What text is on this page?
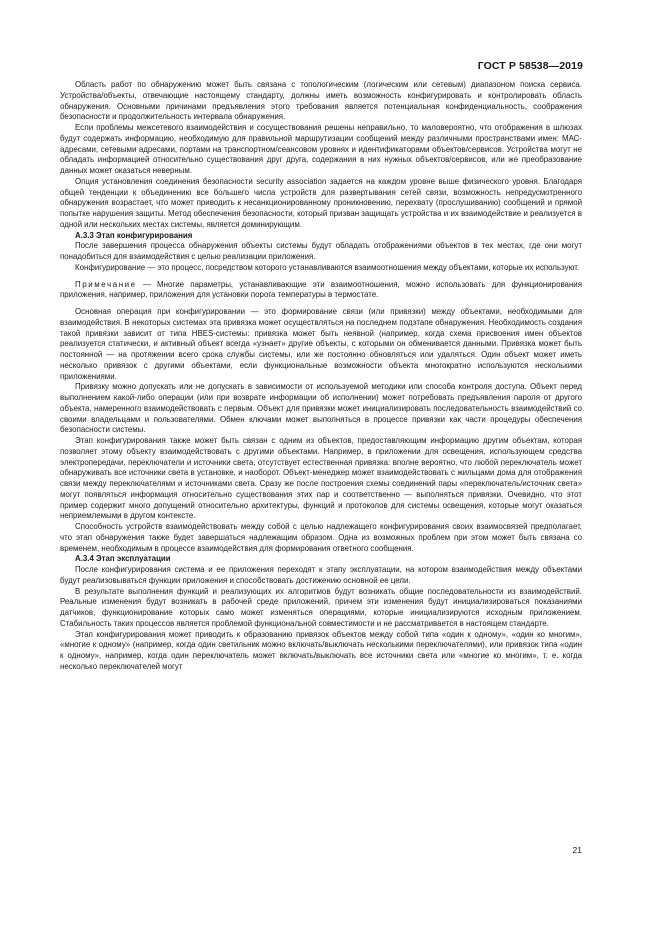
ГОСТ Р 58538—2019

Область работ по обнаружению может быть связана с топологическим (логическим или сетевым) диапазоном поиска сервиса. Устройства/объекты, отвечающие настоящему стандарту, должны иметь возможность конфигурировать и контролировать область обнаружения. Основными причинами предъявления этого требования является потенциальная конфиденциальность, соображения безопасности и продолжительность интервала обнаружения.

Если проблемы межсетевого взаимодействия и сосуществования решены неправильно, то маловероятно, что отображения в шлюзах будут содержать информацию, необходимую для правильной маршрутизации сообщений между различными пространствами имен: МАС-адресами, сетевыми адресами, портами на транспортном/сеансовом уровнях и идентификаторами объектов/сервисов. Устройства могут не обладать информацией относительно существования друг друга, содержания в них нужных объектов/сервисов, или же преобразование данных может оказаться неверным.

Опция установления соединения безопасности security association задается на каждом уровне выше физического уровня. Благодаря общей тенденции к объединению все большего числа устройств для развертывания сетей связи, возможность непредусмотренного обнаружения возрастает, что может приводить к несанкционированному проникновению, перехвату (прослушиванию) сообщений и прямой попытке нарушения защиты. Метод обеспечения безопасности, который призван защищать устройства и их взаимодействие и реализуется в одной или нескольких местах системы, является доминирующим.

А.3.3 Этап конфигурирования

После завершения процесса обнаружения объекты системы будут обладать отображениями объектов в тех местах, где они могут понадобиться для взаимодействия с целью реализации приложения.

Конфигурирование — это процесс, посредством которого устанавливаются взаимоотношения между объектами, которые их используют.

Примечание — Многие параметры, устанавливающие эти взаимоотношения, можно использовать для функционирования приложения, например, приложения для установки порога температуры в термостате.

Основная операция при конфигурировании — это формирование связи (или привязки) между объектами, необходимыми для взаимодействия. В некоторых системах эта привязка может осуществляться на последнем подэтапе обнаружения. Необходимость создания такой привязки зависит от типа HBES-системы: привязка может быть неявной (например, когда схема присвоения имен объектов реализуется статически, и активный объект всегда «узнает» другие объекты, с которыми он обменивается данными. Привязка может быть постоянной — на протяжении всего срока службы системы, или же постоянно обновляться или удаляться. Один объект может иметь несколько привязок с другими объектами, если функциональные возможности объекта многократно используются несколькими приложениями.

Привязку можно допускать или не допускать в зависимости от используемой методики или способа контроля доступа. Объект перед выполнением какой-либо операции (или при возврате информации об исполнении) может потребовать предъявления пароля от другого объекта, намеренного взаимодействовать с первым. Объект для привязки может инициализировать последовательность взаимодействий со своими владельцами и пользователями. Обмен ключами может выполняться в процессе привязки как части процедуры обеспечения безопасности системы.

Этап конфигурирования также может быть связан с одним из объектов, предоставляющим информацию другим объектам, которая позволяет этому объекту взаимодействовать с другими объектами. Например, в приложении для освещения, использующем средства электропередачи, переключатели и источники света, отсутствует естественная привязка: вполне вероятно, что любой переключатель может обнаруживать все источники света в установке, и наоборот. Объект-менеджер может взаимодействовать с жильцами дома для отображения связи между переключателями и источниками света. Сразу же после построения схемы соединений пары «переключатель/источник света» могут появляться информация относительно существования этих пар и соответственно — выполняться привязки. Очевидно, что этот пример содержит много допущений относительно архитектуры, функций и протоколов для системы освещения, которые могут оказаться неприемлемыми в другом контексте.

Способность устройств взаимодействовать между собой с целью надлежащего конфигурирования своих взаимосвязей предполагает, что этап обнаружения также будет завершаться надлежащим образом. Одна из возможных проблем при этом может быть связана со временем, необходимым в процессе взаимодействия для формирования ответного сообщения.

А.3.4 Этап эксплуатации

После конфигурирования система и ее приложения переходят к этапу эксплуатации, на котором взаимодействия между объектами будут реализовываться функции приложения и способствовать достижению основной ее цели.

В результате выполнения функций и реализующих их алгоритмов будут возникать общие последовательности из взаимодействий. Реальные изменения будут возникать в рабочей среде приложений, причем эти изменения будут инициализироваться показаниями датчиков, функционирование которых само может изменяться операциями, которые инициализируются исходным приложением. Стабильность таких процессов является проблемой функциональной совместимости и не рассматривается в настоящем стандарте.

Этап конфигурирования может приводить к образованию привязок объектов между собой типа «один к одному», «один ко многим», «многие к одному» (например, когда один светильник можно включать/выключать несколькими переключателями), или привязок типа «один к одному», например, когда один переключатель может включать/выключать все источники света или «многие ко многим», т. е. когда несколько переключателей могут

21
